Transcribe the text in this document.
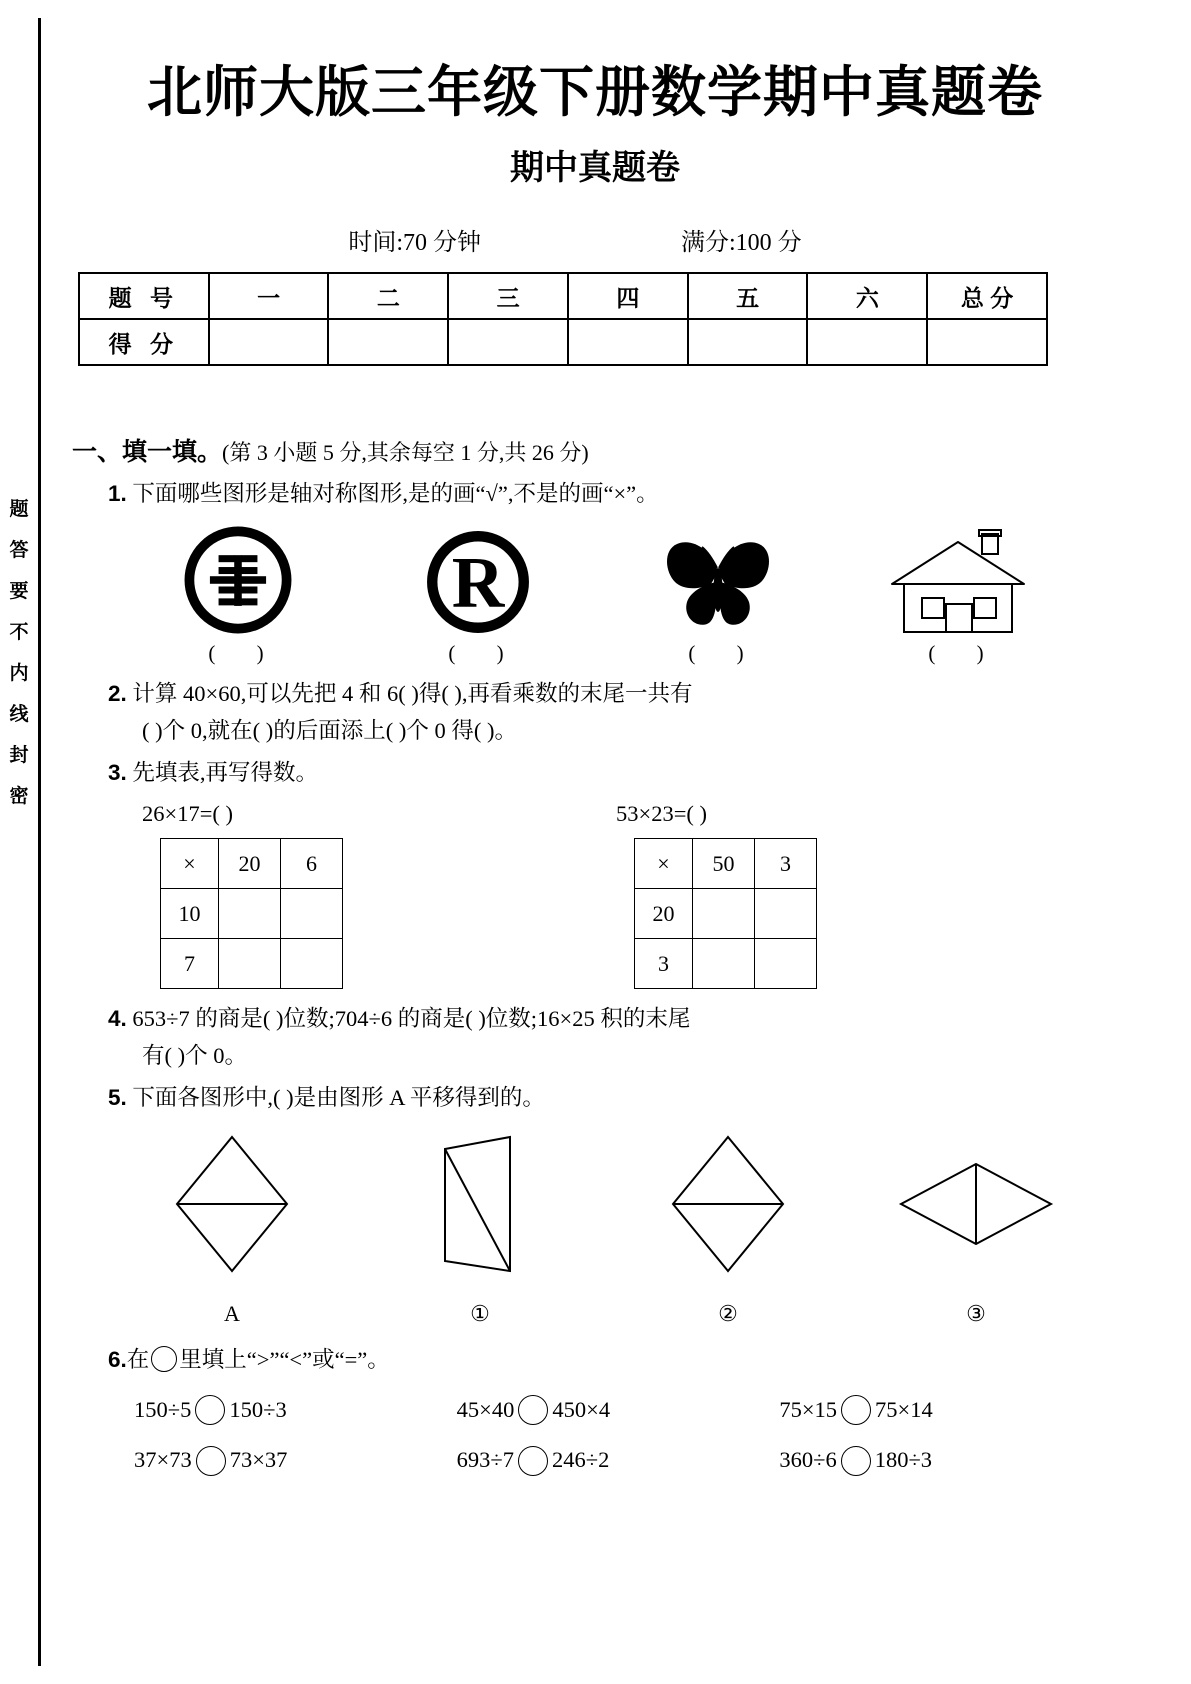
题
答
要
不
内
线
封
密
北师大版三年级下册数学期中真题卷
期中真题卷
时间:70 分钟	满分:100 分
题 号	一	二	三	四	五	六	总 分
得 分							
一、填一填。(第 3 小题 5 分,其余每空 1 分,共 26 分)
1. 下面哪些图形是轴对称图形,是的画“√”,不是的画“×”。
( )
R
( )	( )	( )
2. 计算 40×60,可以先把 4 和 6( )得( ),再看乘数的末尾一共有
( )个 0,就在( )的后面添上( )个 0 得( )。
3. 先填表,再写得数。
26×17=( )
×	20	6
10		
7		
53×23=( )
×	50	3
20		
3		
4. 653÷7 的商是( )位数;704÷6 的商是( )位数;16×25 积的末尾
有( )个 0。
5. 下面各图形中,( )是由图形 A 平移得到的。
A	①	②	③
6.在 里填上“>”“<”或“=”。
150÷5 150÷3	45×40 450×4	75×15 75×14
37×73 73×37	693÷7 246÷2	360÷6 180÷3
